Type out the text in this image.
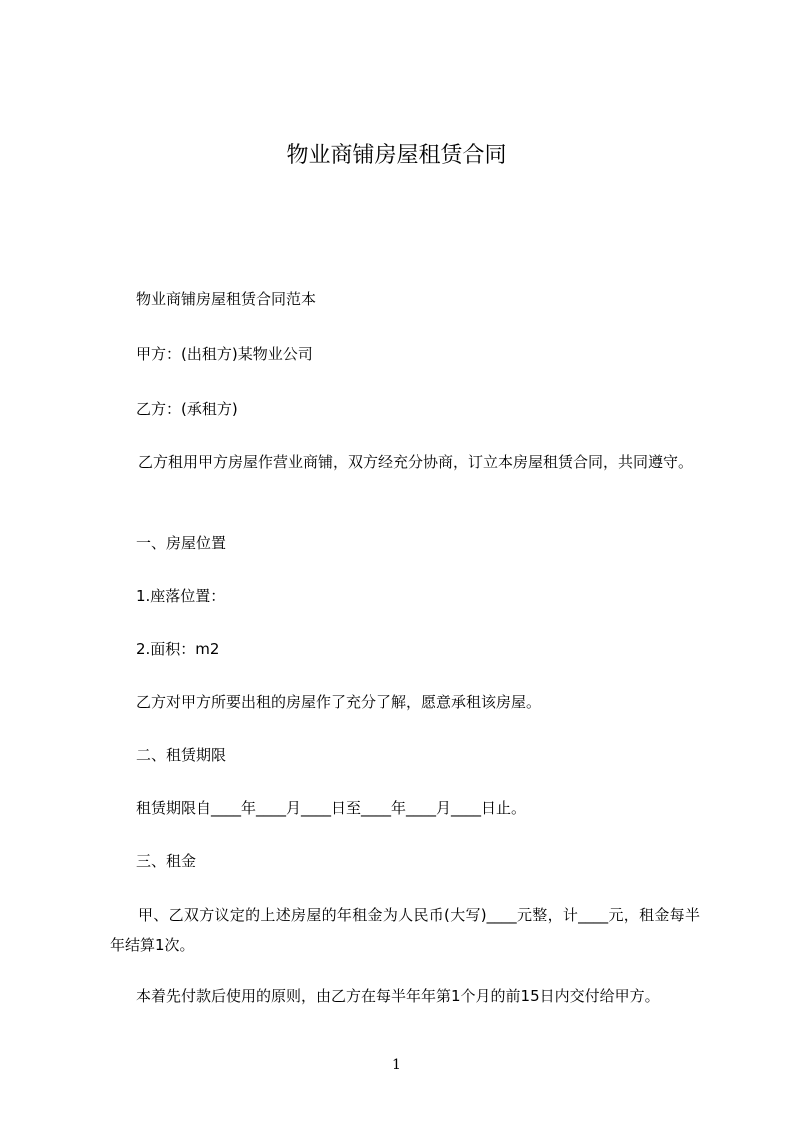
物业商铺房屋租赁合同
物业商铺房屋租赁合同范本
甲方：(出租方)某物业公司
乙方：(承租方)
乙方租用甲方房屋作营业商铺，双方经充分协商，订立本房屋租赁合同，共同遵守。
一、房屋位置
1.座落位置：
2.面积：m2
乙方对甲方所要出租的房屋作了充分了解，愿意承租该房屋。
二、租赁期限
租赁期限自____年____月____日至____年____月____日止。
三、租金
甲、乙双方议定的上述房屋的年租金为人民币(大写)____元整，计____元，租金每半年结算1次。
本着先付款后使用的原则，由乙方在每半年年第1个月的前15日内交付给甲方。
1
